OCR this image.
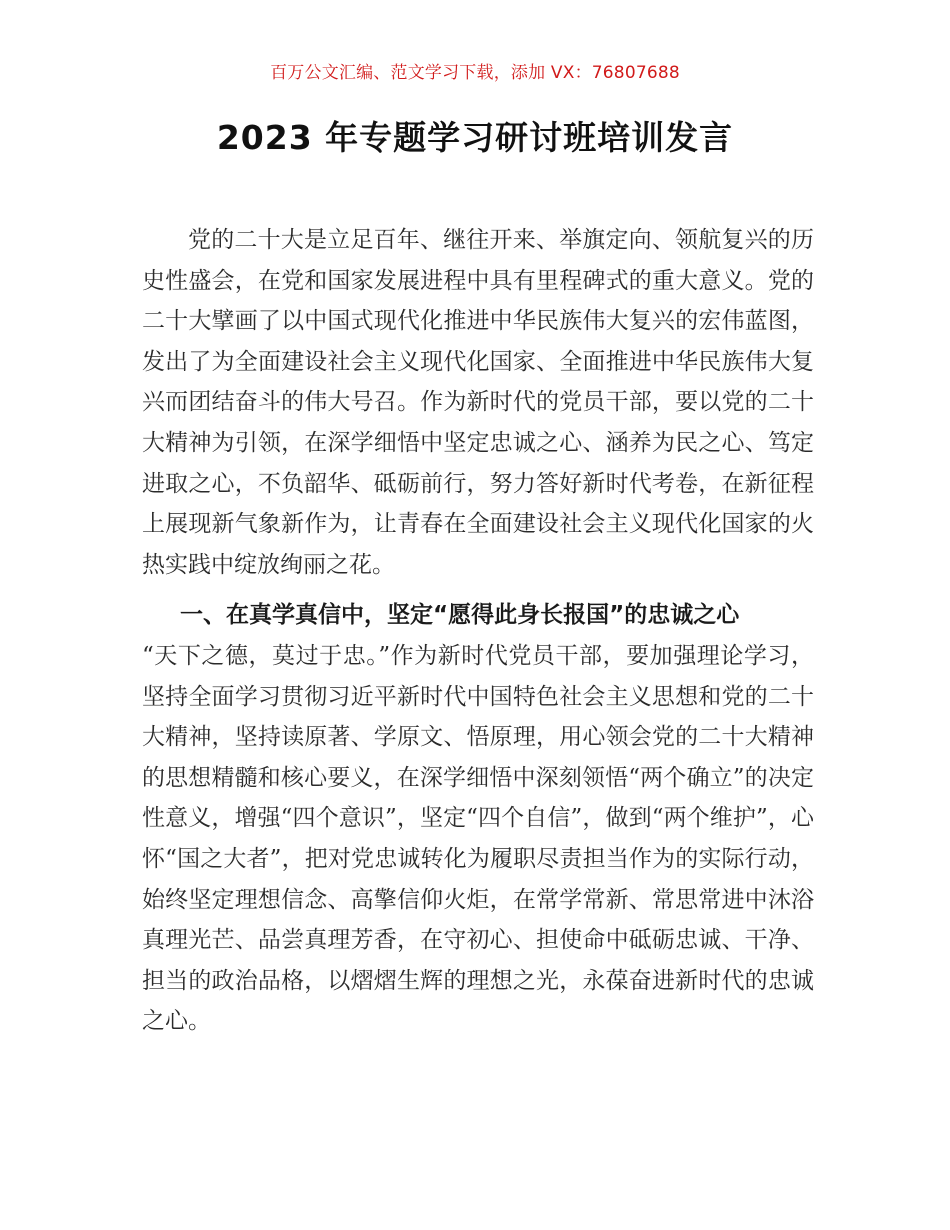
百万公文汇编、范文学习下载，添加 VX：76807688
2023 年专题学习研讨班培训发言

党的二十大是立足百年、继往开来、举旗定向、领航复兴的历史性盛会，在党和国家发展进程中具有里程碑式的重大意义。党的二十大擘画了以中国式现代化推进中华民族伟大复兴的宏伟蓝图，发出了为全面建设社会主义现代化国家、全面推进中华民族伟大复兴而团结奋斗的伟大号召。作为新时代的党员干部，要以党的二十大精神为引领，在深学细悟中坚定忠诚之心、涵养为民之心、笃定进取之心，不负韶华、砥砺前行，努力答好新时代考卷，在新征程上展现新气象新作为，让青春在全面建设社会主义现代化国家的火热实践中绽放绚丽之花。

一、在真学真信中，坚定“愿得此身长报国”的忠诚之心

“天下之德，莫过于忠。”作为新时代党员干部，要加强理论学习，坚持全面学习贯彻习近平新时代中国特色社会主义思想和党的二十大精神，坚持读原著、学原文、悟原理，用心领会党的二十大精神的思想精髓和核心要义，在深学细悟中深刻领悟“两个确立”的决定性意义，增强“四个意识”，坚定“四个自信”，做到“两个维护”，心怀“国之大者”，把对党忠诚转化为履职尽责担当作为的实际行动，始终坚定理想信念、高擎信仰火炬，在常学常新、常思常进中沐浴真理光芒、品尝真理芳香，在守初心、担使命中砥砺忠诚、干净、担当的政治品格，以熠熠生辉的理想之光，永葆奋进新时代的忠诚之心。
